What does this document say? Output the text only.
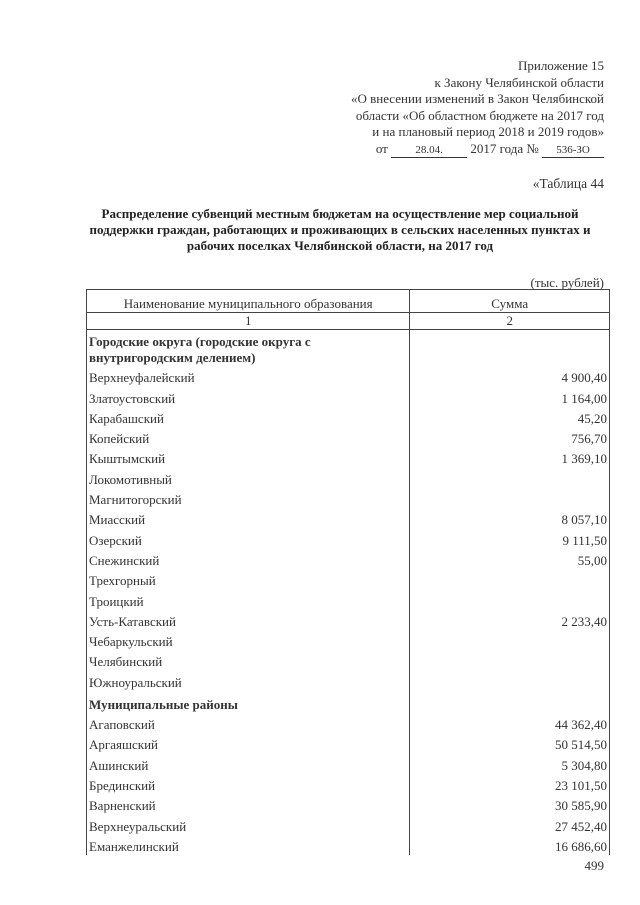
Приложение 15
к Закону Челябинской области
«О внесении изменений в Закон Челябинской
области «Об областном бюджете на 2017 год
и на плановый период 2018 и 2019 годов»
от	28.04. 2017 года № 536-ЗО
«Таблица 44
Распределение субвенций местным бюджетам на осуществление мер социальной поддержки граждан, работающих и проживающих в сельских населенных пунктах и рабочих поселках Челябинской области, на 2017 год
(тыс. рублей)
Наименование муниципального образования	Сумма
1	2
Городские округа (городские округа с внутригородским делением)	
Верхнеуфалейский	4 900,40
Златоустовский	1 164,00
Карабашский	45,20
Копейский	756,70
Кыштымский	1 369,10
Локомотивный	
Магнитогорский	
Миасский	8 057,10
Озерский	9 111,50
Снежинский	55,00
Трехгорный	
Троицкий	
Усть-Катавский	2 233,40
Чебаркульский	
Челябинский	
Южноуральский	
Муниципальные районы	
Агаповский	44 362,40
Аргаяшский	50 514,50
Ашинский	5 304,80
Брединский	23 101,50
Варненский	30 585,90
Верхнеуральский	27 452,40
Еманжелинский	16 686,60
499
